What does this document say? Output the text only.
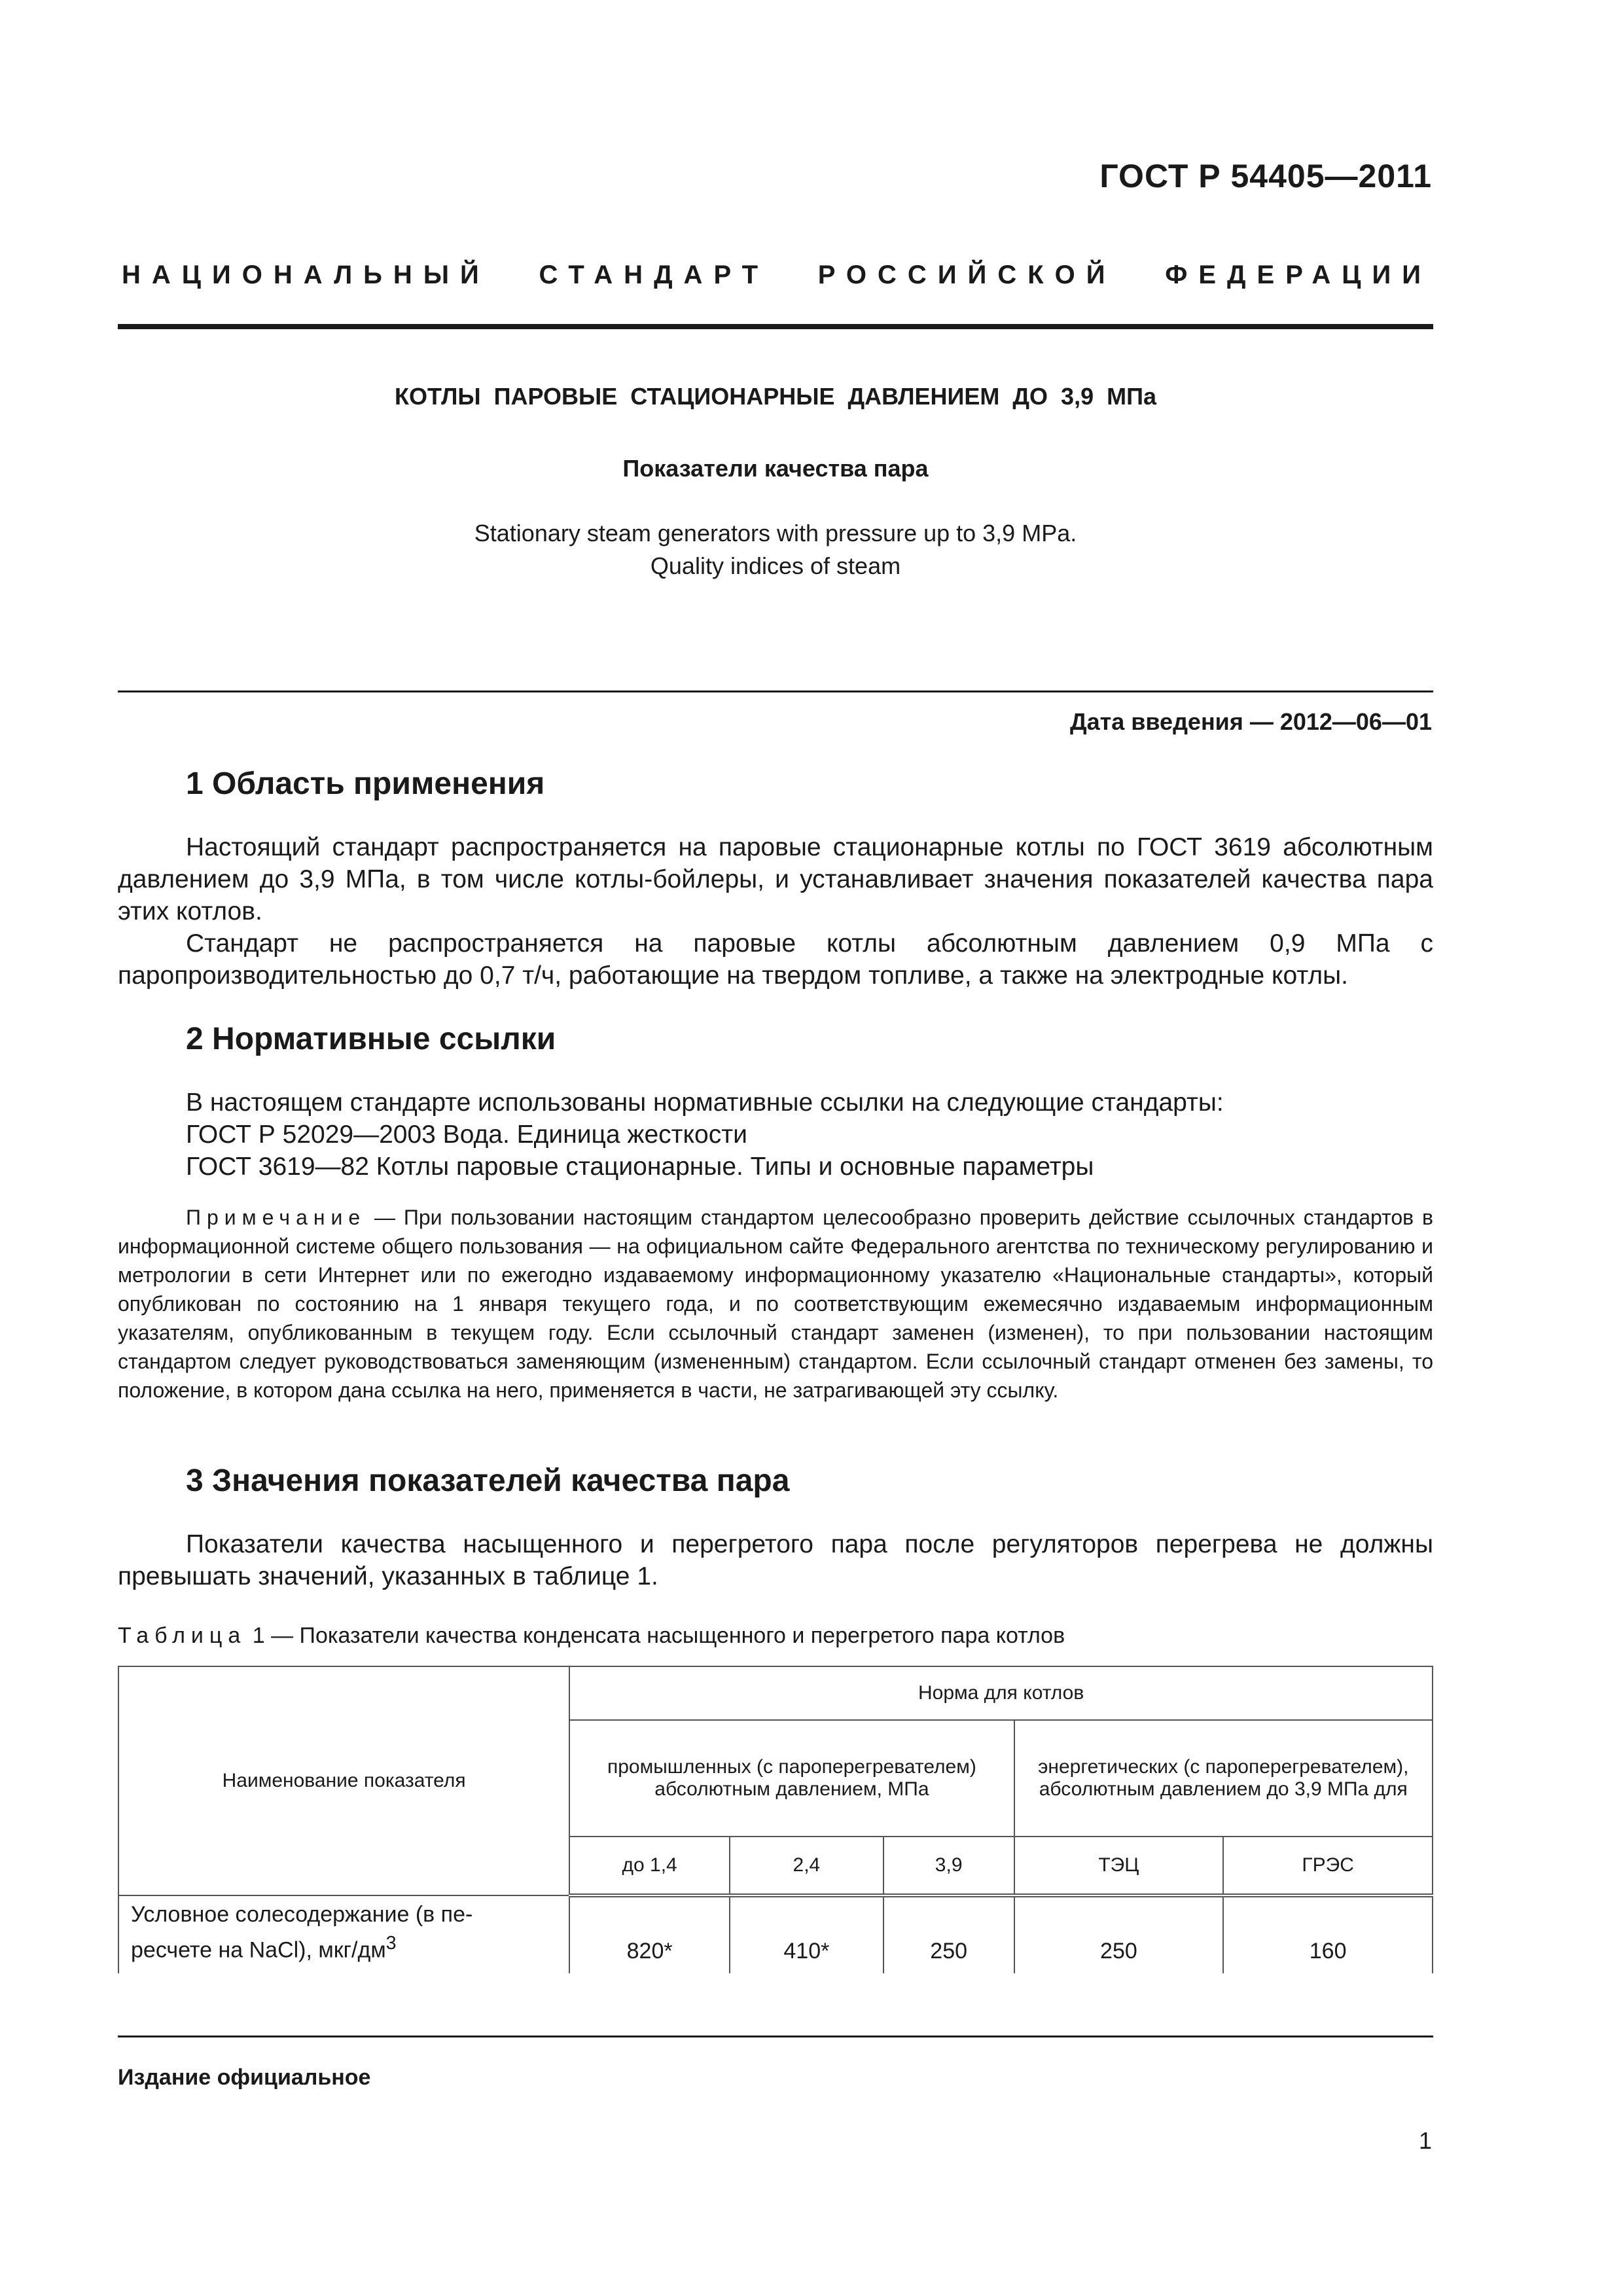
ГОСТ Р 54405—2011
НАЦИОНАЛЬНЫЙ СТАНДАРТ РОССИЙСКОЙ ФЕДЕРАЦИИ
КОТЛЫ ПАРОВЫЕ СТАЦИОНАРНЫЕ ДАВЛЕНИЕМ ДО 3,9 МПа
Показатели качества пара
Stationary steam generators with pressure up to 3,9 MPa.
Quality indices of steam
Дата введения — 2012—06—01
1 Область применения

Настоящий стандарт распространяется на паровые стационарные котлы по ГОСТ 3619 абсолютным давлением до 3,9 МПа, в том числе котлы-бойлеры, и устанавливает значения показателей качества пара этих котлов.

Стандарт не распространяется на паровые котлы абсолютным давлением 0,9 МПа с паропроизводительностью до 0,7 т/ч, работающие на твердом топливе, а также на электродные котлы.

2 Нормативные ссылки
В настоящем стандарте использованы нормативные ссылки на следующие стандарты:
ГОСТ Р 52029—2003 Вода. Единица жесткости
ГОСТ 3619—82 Котлы паровые стационарные. Типы и основные параметры

Примечание — При пользовании настоящим стандартом целесообразно проверить действие ссылочных стандартов в информационной системе общего пользования — на официальном сайте Федерального агентства по техническому регулированию и метрологии в сети Интернет или по ежегодно издаваемому информационному указателю «Национальные стандарты», который опубликован по состоянию на 1 января текущего года, и по соответствующим ежемесячно издаваемым информационным указателям, опубликованным в текущем году. Если ссылочный стандарт заменен (изменен), то при пользовании настоящим стандартом следует руководствоваться заменяющим (измененным) стандартом. Если ссылочный стандарт отменен без замены, то положение, в котором дана ссылка на него, применяется в части, не затрагивающей эту ссылку.

3 Значения показателей качества пара

Показатели качества насыщенного и перегретого пара после регуляторов перегрева не должны превышать значений, указанных в таблице 1.

Таблица 1 — Показатели качества конденсата насыщенного и перегретого пара котлов
Наименование показателя	Норма для котлов				
	промышленных (с пароперегревателем) абсолютным давлением, МПа			энергетических (с пароперегревателем), абсолютным давлением до 3,9 МПа для	
	до 1,4	2,4	3,9	ТЭЦ	ГРЭС
Условное солесодержание (в пе-
ресчете на NaCl), мкг/$дм^3$	820*	410*	250	250	160
Издание официальное
1
